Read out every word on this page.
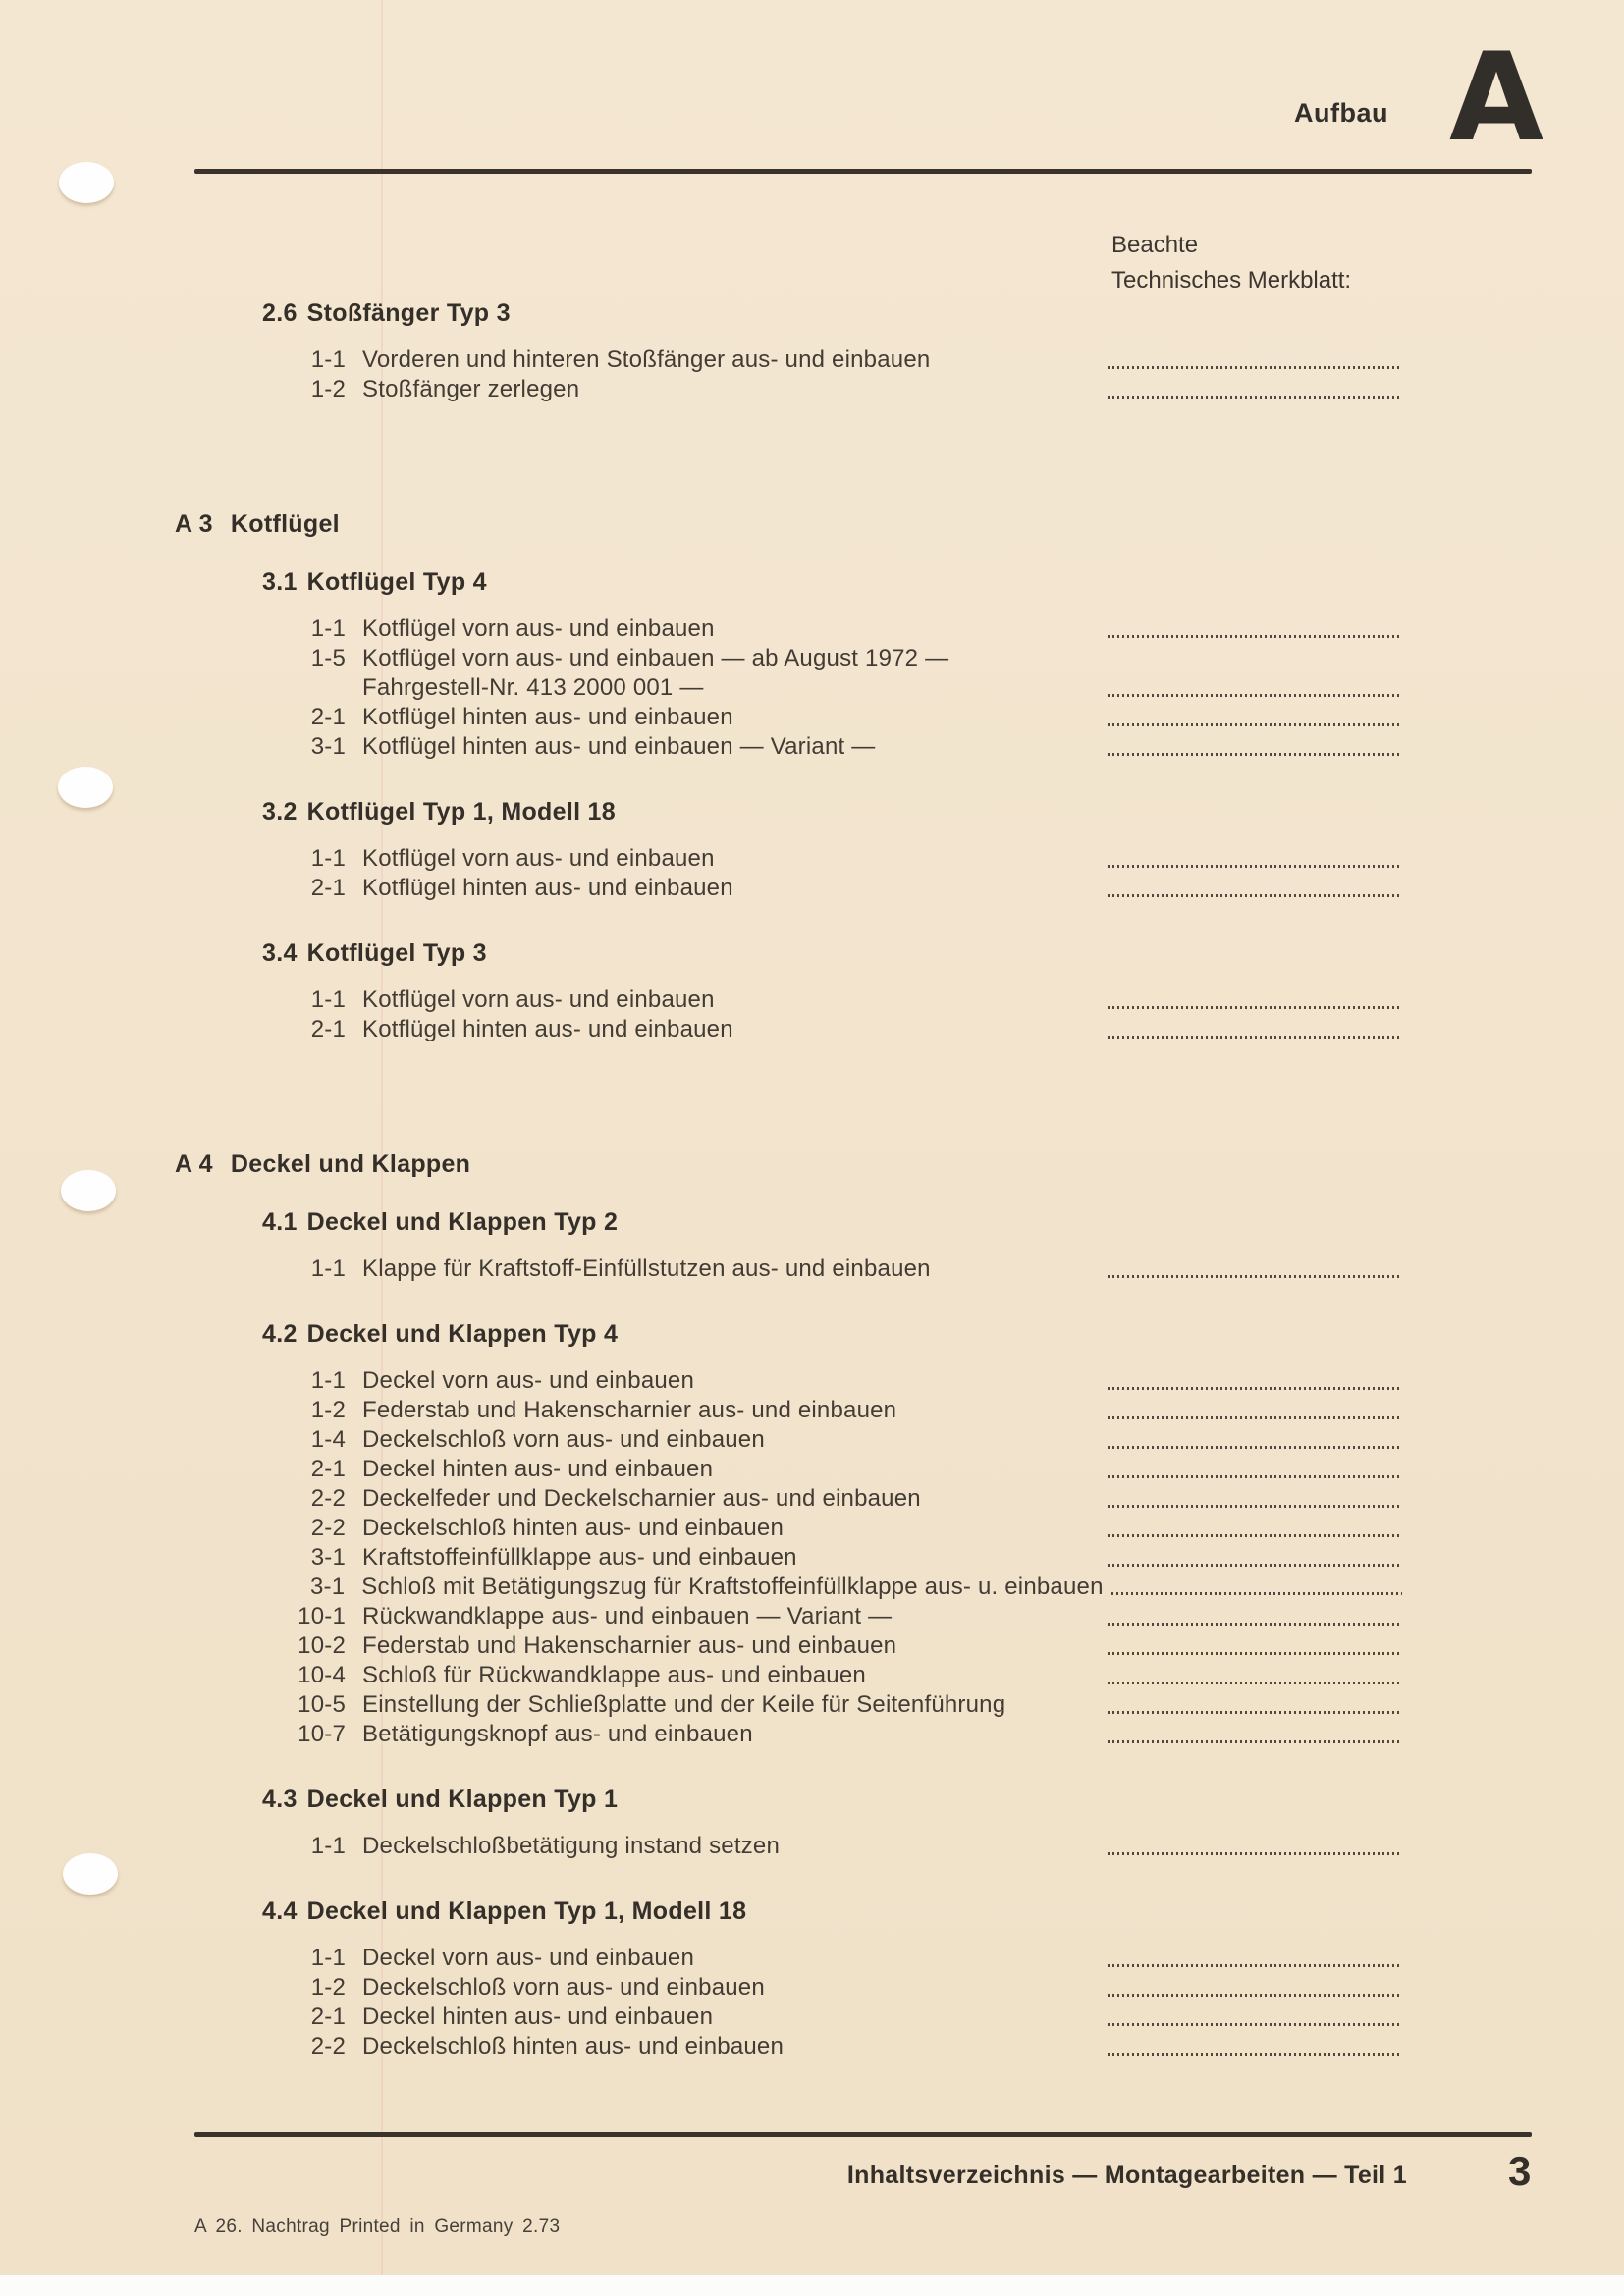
Aufbau A
Beachte
Technisches Merkblatt:
2.6 Stoßfänger Typ 3
1-1 Vorderen und hinteren Stoßfänger aus- und einbauen
1-2 Stoßfänger zerlegen
A 3 Kotflügel
3.1 Kotflügel Typ 4
1-1 Kotflügel vorn aus- und einbauen
1-5 Kotflügel vorn aus- und einbauen — ab August 1972 —
Fahrgestell-Nr. 413 2000 001 —
2-1 Kotflügel hinten aus- und einbauen
3-1 Kotflügel hinten aus- und einbauen — Variant —
3.2 Kotflügel Typ 1, Modell 18
1-1 Kotflügel vorn aus- und einbauen
2-1 Kotflügel hinten aus- und einbauen
3.4 Kotflügel Typ 3
1-1 Kotflügel vorn aus- und einbauen
2-1 Kotflügel hinten aus- und einbauen
A 4 Deckel und Klappen
4.1 Deckel und Klappen Typ 2
1-1 Klappe für Kraftstoff-Einfüllstutzen aus- und einbauen
4.2 Deckel und Klappen Typ 4
1-1 Deckel vorn aus- und einbauen
1-2 Federstab und Hakenscharnier aus- und einbauen
1-4 Deckelschloß vorn aus- und einbauen
2-1 Deckel hinten aus- und einbauen
2-2 Deckelfeder und Deckelscharnier aus- und einbauen
2-2 Deckelschloß hinten aus- und einbauen
3-1 Kraftstoffeinfüllklappe aus- und einbauen
3-1 Schloß mit Betätigungszug für Kraftstoffeinfüllklappe aus- u. einbauen
10-1 Rückwandklappe aus- und einbauen — Variant —
10-2 Federstab und Hakenscharnier aus- und einbauen
10-4 Schloß für Rückwandklappe aus- und einbauen
10-5 Einstellung der Schließplatte und der Keile für Seitenführung
10-7 Betätigungsknopf aus- und einbauen
4.3 Deckel und Klappen Typ 1
1-1 Deckelschloßbetätigung instand setzen
4.4 Deckel und Klappen Typ 1, Modell 18
1-1 Deckel vorn aus- und einbauen
1-2 Deckelschloß vorn aus- und einbauen
2-1 Deckel hinten aus- und einbauen
2-2 Deckelschloß hinten aus- und einbauen
Inhaltsverzeichnis — Montagearbeiten — Teil 1 3
A 26. Nachtrag Printed in Germany 2.73
